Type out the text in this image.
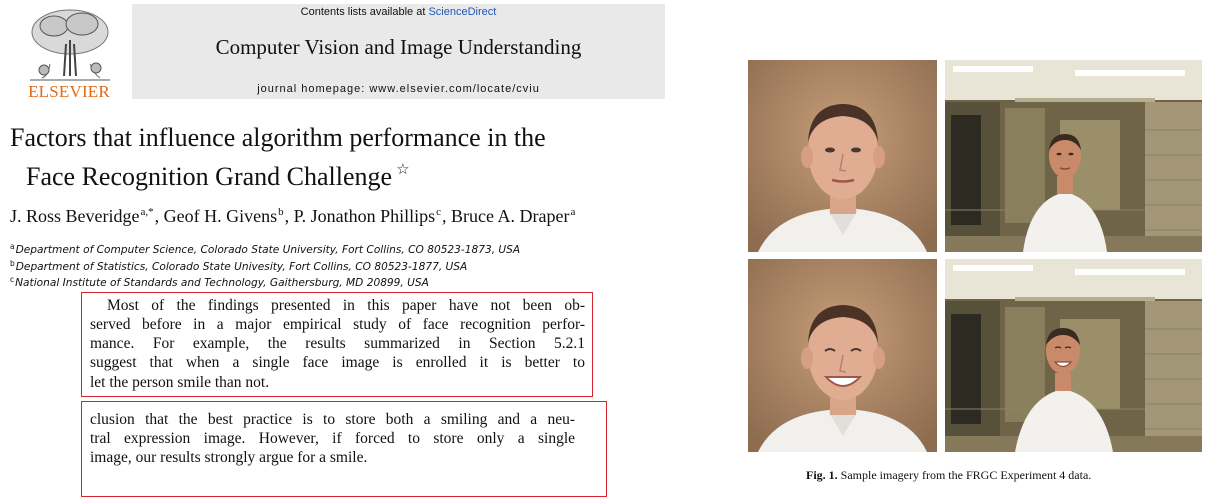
ELSEVIER
Contents lists available at ScienceDirect
Computer Vision and Image Understanding
journal homepage: www.elsevier.com/locate/cviu
Factors that influence algorithm performance in the
Face Recognition Grand Challenge ☆
J. Ross Beveridge$^{a,*}$, Geof H. Givens$^b$, P. Jonathon Phillips$^c$, Bruce A. Draper$^a$
$^a$Department of Computer Science, Colorado State University, Fort Collins, CO 80523-1873, USA
$^b$Department of Statistics, Colorado State Univesity, Fort Collins, CO 80523-1877, USA
$^c$National Institute of Standards and Technology, Gaithersburg, MD 20899, USA
Most of the findings presented in this paper have not been ob-
served before in a major empirical study of face recognition perfor-
mance. For example, the results summarized in Section 5.2.1
suggest that when a single face image is enrolled it is better to
let the person smile than not.
clusion that the best practice is to store both a smiling and a neu-
tral expression image. However, if forced to store only a single
image, our results strongly argue for a smile.
Fig. 1. Sample imagery from the FRGC Experiment 4 data.
